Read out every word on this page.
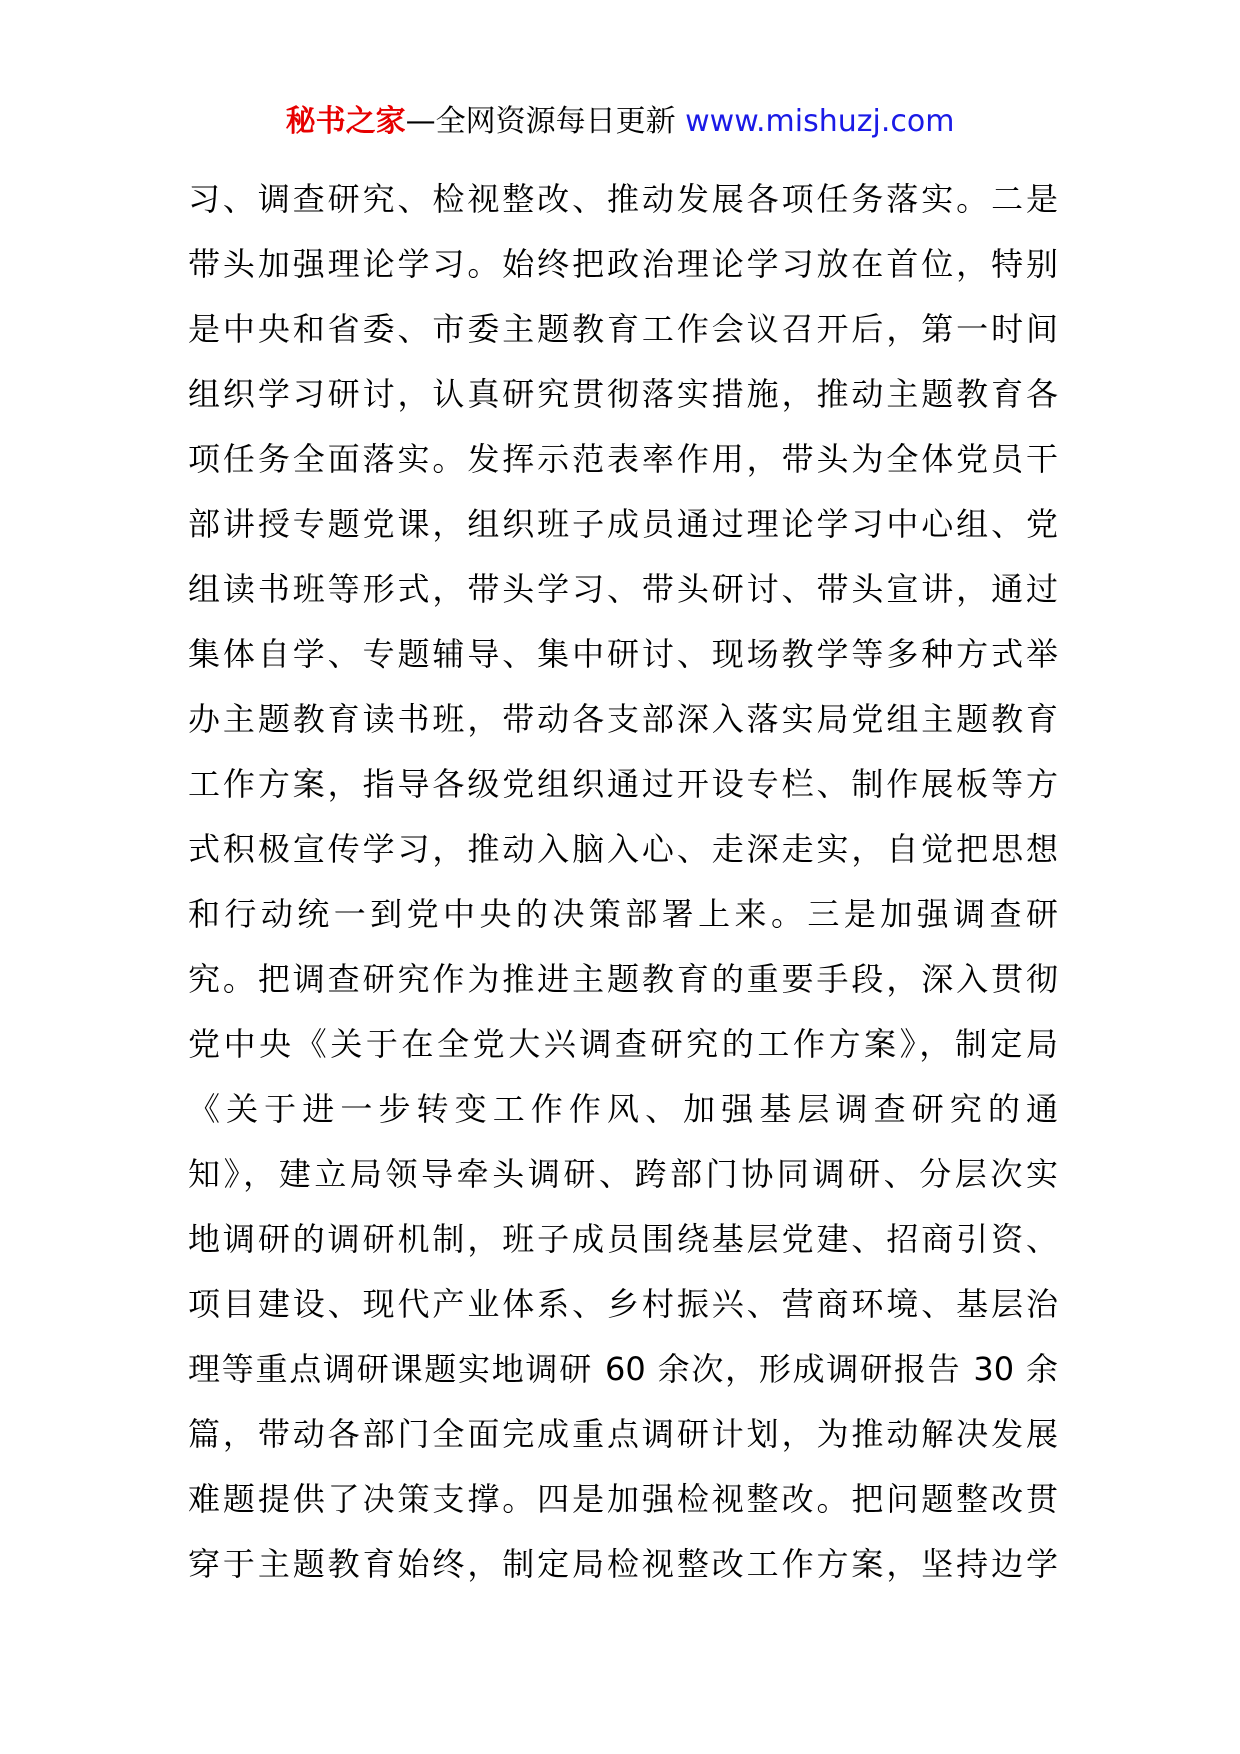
秘书之家—全网资源每日更新 www.mishuzj.com
习、调查研究、检视整改、推动发展各项任务落实。二是
带头加强理论学习。始终把政治理论学习放在首位，特别
是中央和省委、市委主题教育工作会议召开后，第一时间
组织学习研讨，认真研究贯彻落实措施，推动主题教育各
项任务全面落实。发挥示范表率作用，带头为全体党员干
部讲授专题党课，组织班子成员通过理论学习中心组、党
组读书班等形式，带头学习、带头研讨、带头宣讲，通过
集体自学、专题辅导、集中研讨、现场教学等多种方式举
办主题教育读书班，带动各支部深入落实局党组主题教育
工作方案，指导各级党组织通过开设专栏、制作展板等方
式积极宣传学习，推动入脑入心、走深走实，自觉把思想
和行动统一到党中央的决策部署上来。三是加强调查研
究。把调查研究作为推进主题教育的重要手段，深入贯彻
党中央《关于在全党大兴调查研究的工作方案》，制定局
《关于进一步转变工作作风、加强基层调查研究的通
知》，建立局领导牵头调研、跨部门协同调研、分层次实
地调研的调研机制，班子成员围绕基层党建、招商引资、
项目建设、现代产业体系、乡村振兴、营商环境、基层治
理等重点调研课题实地调研 60 余次，形成调研报告 30 余
篇，带动各部门全面完成重点调研计划，为推动解决发展
难题提供了决策支撑。四是加强检视整改。把问题整改贯
穿于主题教育始终，制定局检视整改工作方案，坚持边学
